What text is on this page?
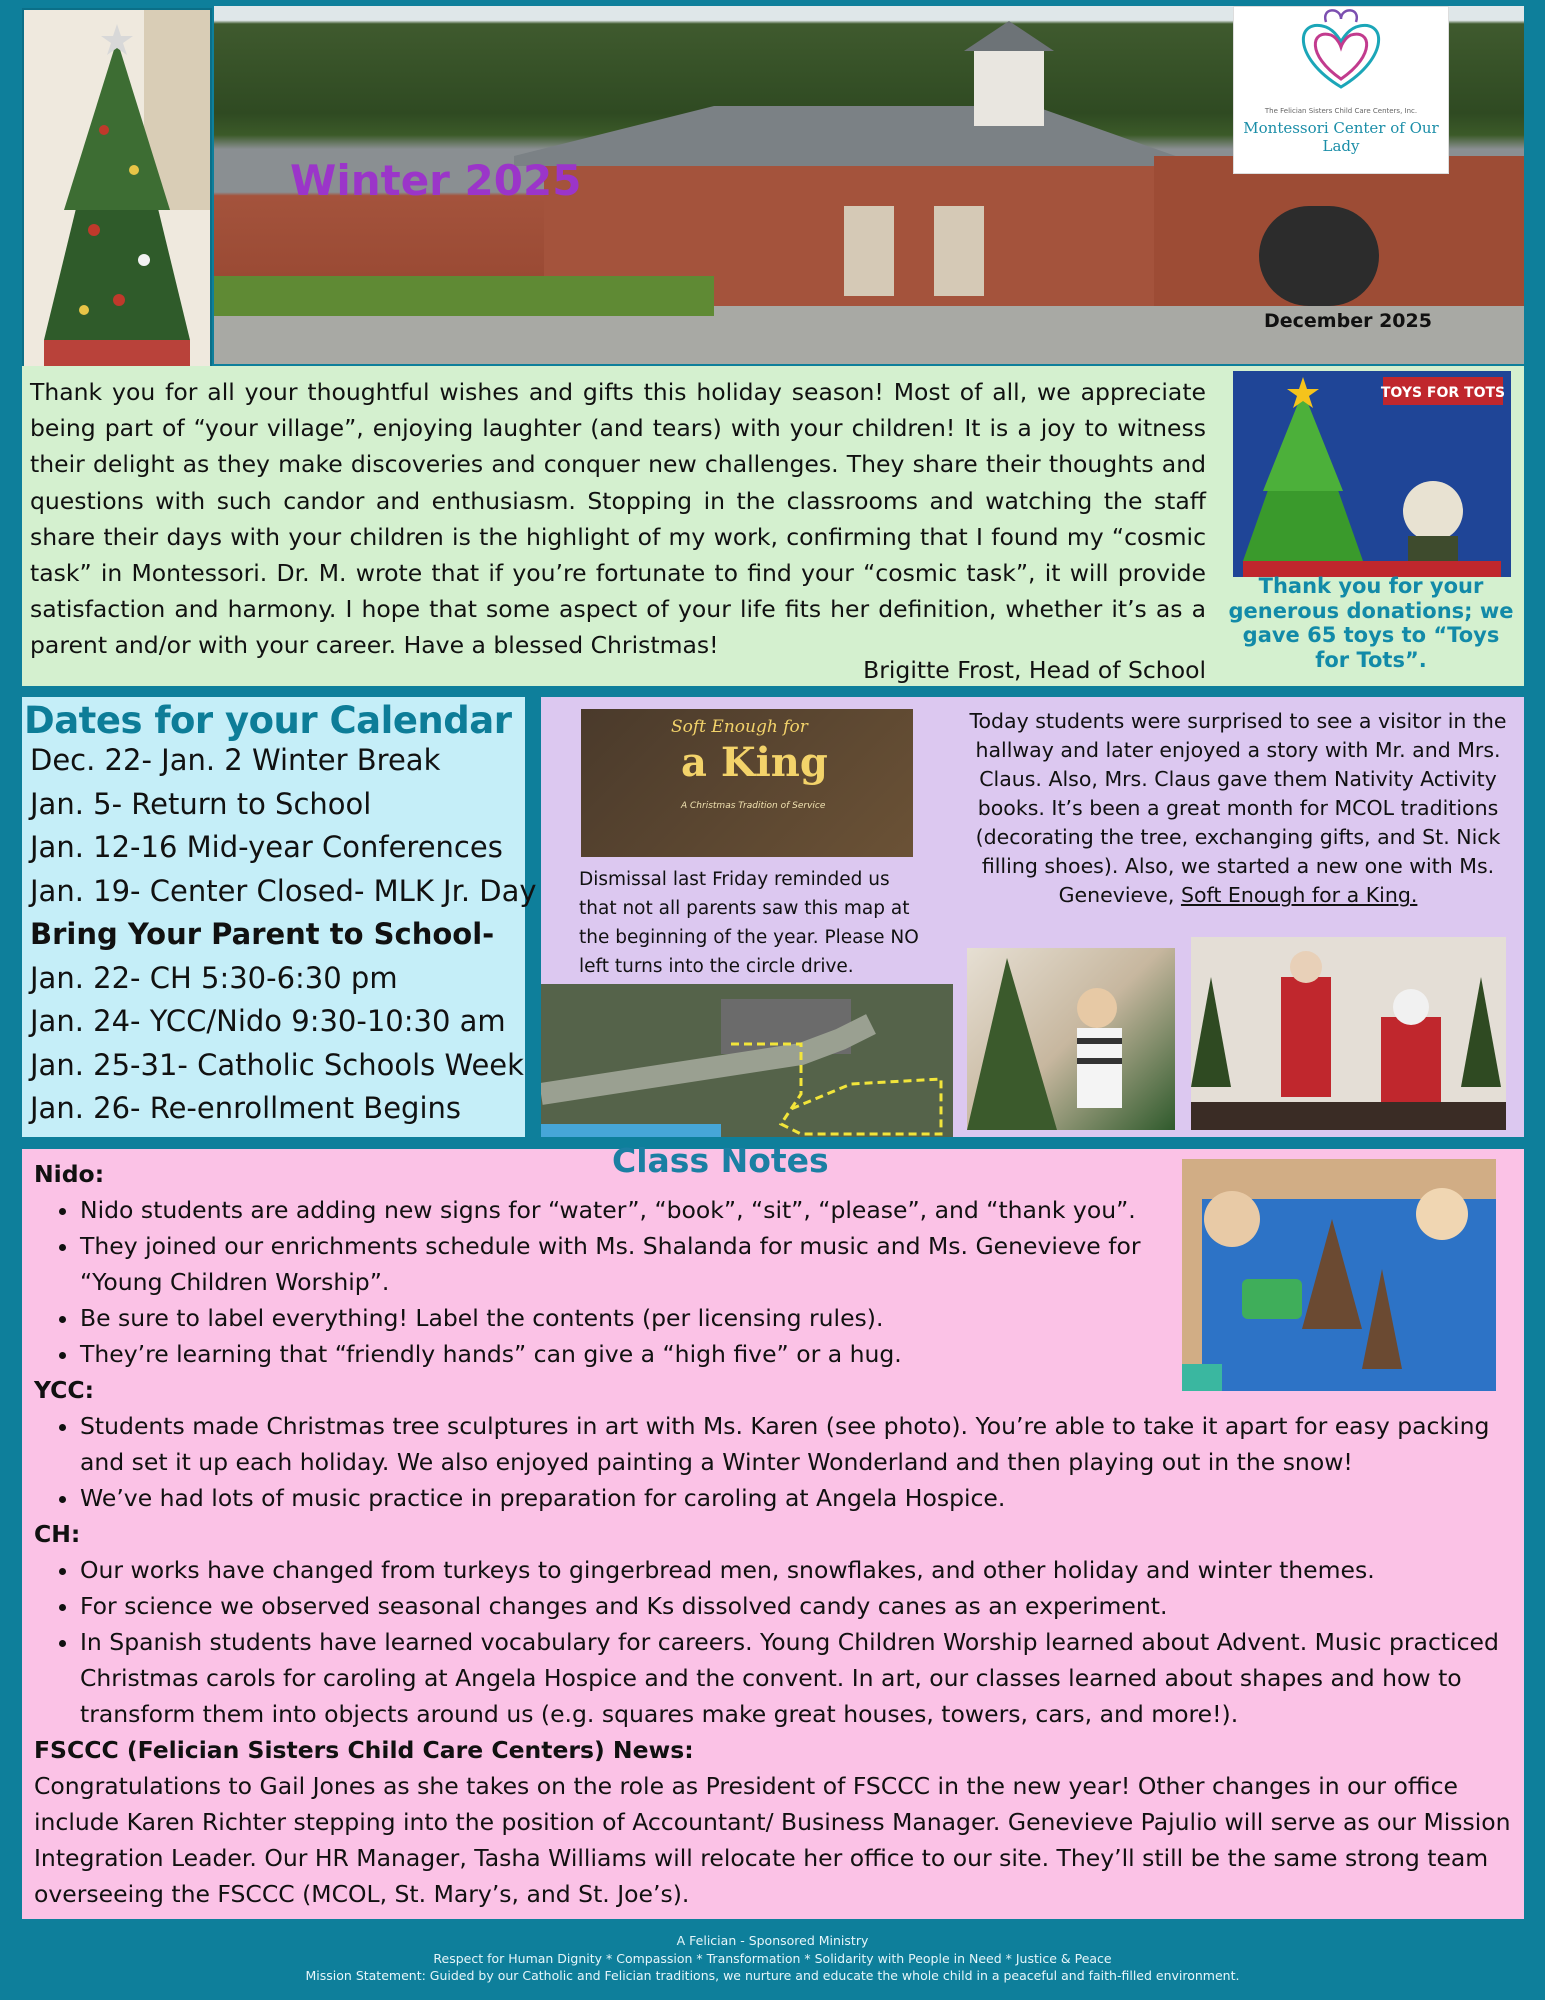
The Felician Sisters Child Care Centers, Inc.
Montessori Center of Our Lady
Winter 2025
December 2025
Thank you for all your thoughtful wishes and gifts this holiday season! Most of all, we appreciate being part of “your village”, enjoying laughter (and tears) with your children! It is a joy to witness their delight as they make discoveries and conquer new challenges. They share their thoughts and questions with such candor and enthusiasm. Stopping in the classrooms and watching the staff share their days with your children is the highlight of my work, confirming that I found my “cosmic task” in Montessori. Dr. M. wrote that if you’re fortunate to find your “cosmic task”, it will provide satisfaction and harmony. I hope that some aspect of your life fits her definition, whether it’s as a parent and/or with your career. Have a blessed Christmas!
Brigitte Frost, Head of School
TOYS FOR TOTS
Thank you for your generous donations; we gave 65 toys to “Toys for Tots”.
Dates for your Calendar
Dec. 22- Jan. 2 Winter Break
Jan. 5- Return to School
Jan. 12-16 Mid-year Conferences
Jan. 19- Center Closed- MLK Jr. Day
Bring Your Parent to School-
Jan. 22- CH 5:30-6:30 pm
Jan. 24- YCC/Nido 9:30-10:30 am
Jan. 25-31- Catholic Schools Week
Jan. 26- Re-enrollment Begins
Soft Enough for
a King
A Christmas Tradition of Service
Dismissal last Friday reminded us that not all parents saw this map at the beginning of the year. Please NO left turns into the circle drive.
Today students were surprised to see a visitor in the hallway and later enjoyed a story with Mr. and Mrs. Claus. Also, Mrs. Claus gave them Nativity Activity books. It’s been a great month for MCOL traditions (decorating the tree, exchanging gifts, and St. Nick filling shoes). Also, we started a new one with Ms. Genevieve, Soft Enough for a King.
Class Notes
Nido:
• Nido students are adding new signs for “water”, “book”, “sit”, “please”, and “thank you”.
• They joined our enrichments schedule with Ms. Shalanda for music and Ms. Genevieve for “Young Children Worship”.
• Be sure to label everything! Label the contents (per licensing rules).
• They’re learning that “friendly hands” can give a “high five” or a hug.
YCC:
• Students made Christmas tree sculptures in art with Ms. Karen (see photo). You’re able to take it apart for easy packing and set it up each holiday. We also enjoyed painting a Winter Wonderland and then playing out in the snow!
• We’ve had lots of music practice in preparation for caroling at Angela Hospice.
CH:
• Our works have changed from turkeys to gingerbread men, snowflakes, and other holiday and winter themes.
• For science we observed seasonal changes and Ks dissolved candy canes as an experiment.
• In Spanish students have learned vocabulary for careers. Young Children Worship learned about Advent. Music practiced Christmas carols for caroling at Angela Hospice and the convent. In art, our classes learned about shapes and how to transform them into objects around us (e.g. squares make great houses, towers, cars, and more!).
FSCCC (Felician Sisters Child Care Centers) News:
Congratulations to Gail Jones as she takes on the role as President of FSCCC in the new year! Other changes in our office include Karen Richter stepping into the position of Accountant/ Business Manager. Genevieve Pajulio will serve as our Mission Integration Leader. Our HR Manager, Tasha Williams will relocate her office to our site. They’ll still be the same strong team overseeing the FSCCC (MCOL, St. Mary’s, and St. Joe’s).
A Felician - Sponsored Ministry
Respect for Human Dignity * Compassion * Transformation * Solidarity with People in Need * Justice & Peace
Mission Statement: Guided by our Catholic and Felician traditions, we nurture and educate the whole child in a peaceful and faith-filled environment.
